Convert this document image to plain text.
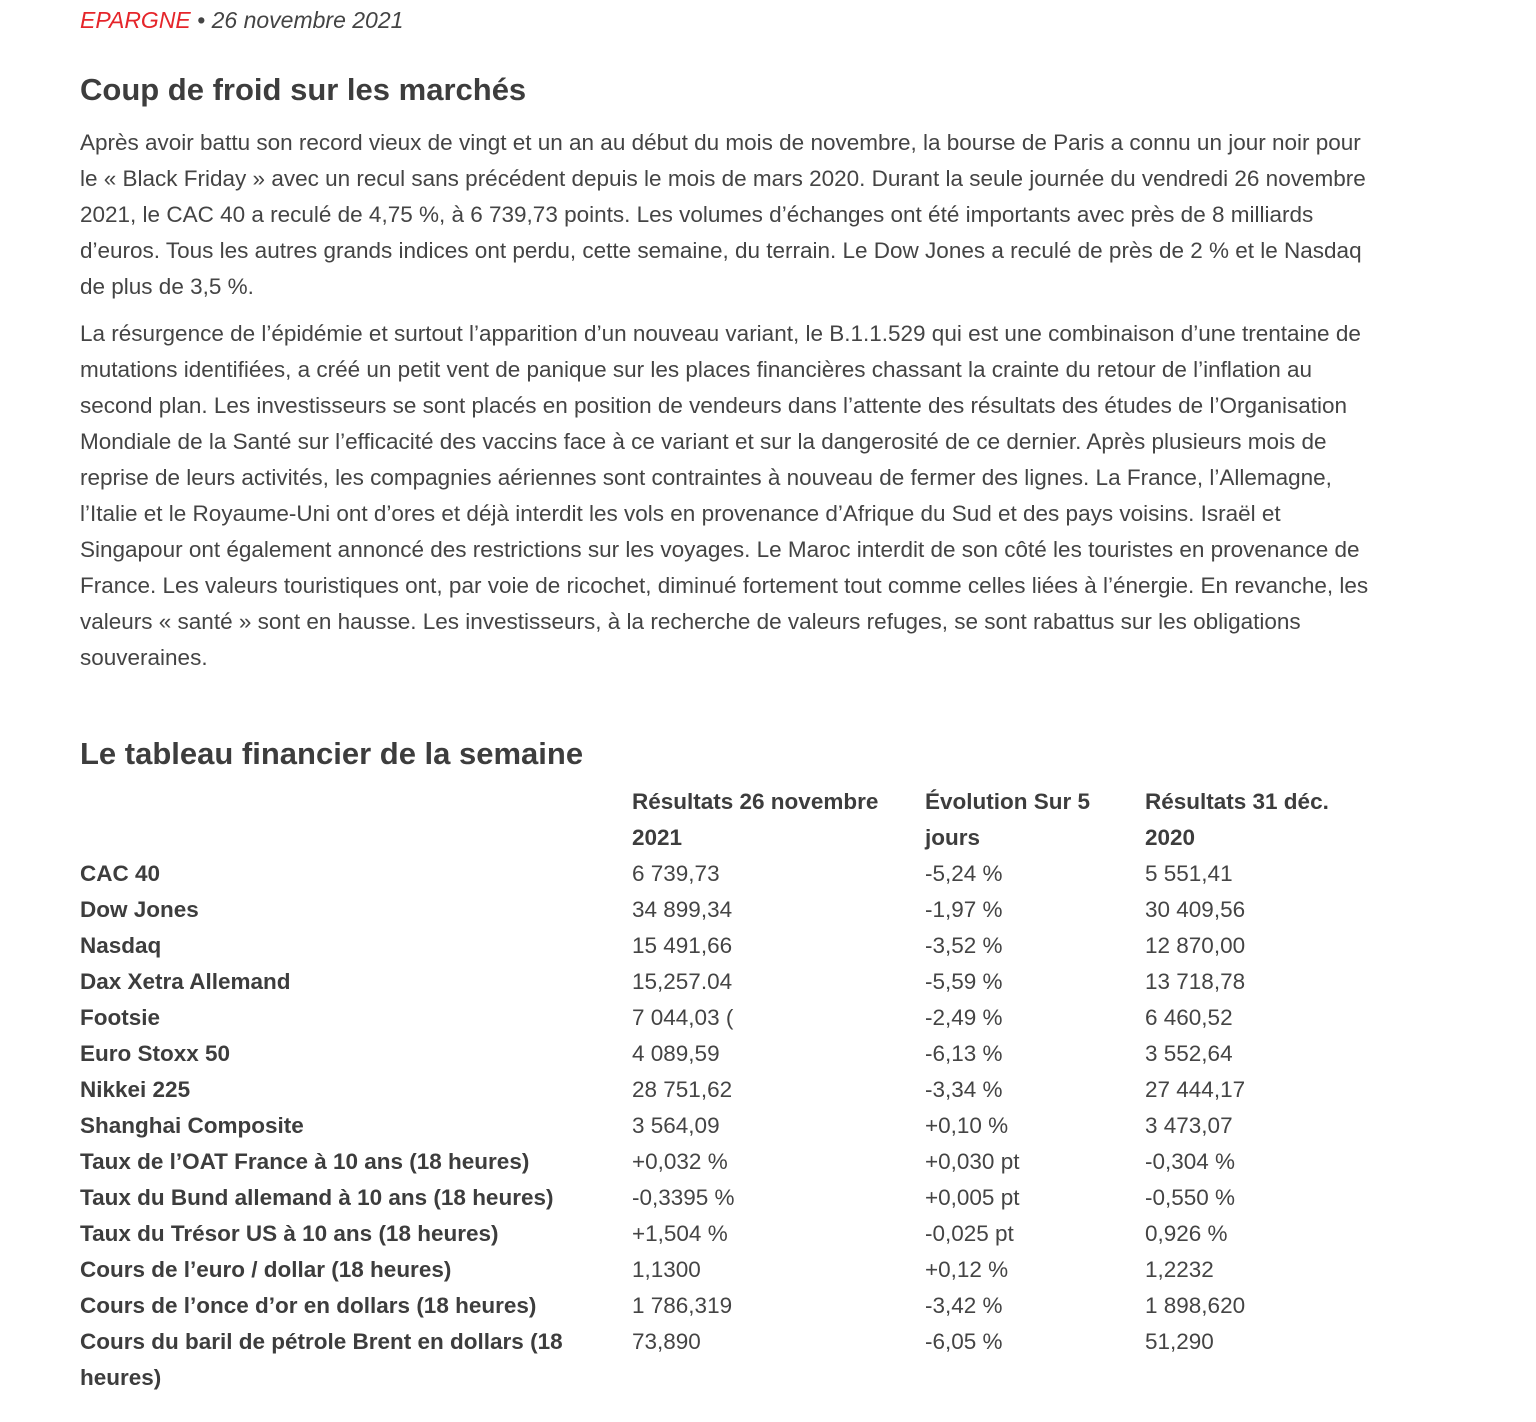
EPARGNE • 26 novembre 2021
Coup de froid sur les marchés

Après avoir battu son record vieux de vingt et un an au début du mois de novembre, la bourse de Paris a connu un jour noir pour le « Black Friday » avec un recul sans précédent depuis le mois de mars 2020. Durant la seule journée du vendredi 26 novembre 2021, le CAC 40 a reculé de 4,75 %, à 6 739,73 points. Les volumes d’échanges ont été importants avec près de 8 milliards d’euros. Tous les autres grands indices ont perdu, cette semaine, du terrain. Le Dow Jones a reculé de près de 2 % et le Nasdaq de plus de 3,5 %.

La résurgence de l’épidémie et surtout l’apparition d’un nouveau variant, le B.1.1.529 qui est une combinaison d’une trentaine de mutations identifiées, a créé un petit vent de panique sur les places financières chassant la crainte du retour de l’inflation au second plan. Les investisseurs se sont placés en position de vendeurs dans l’attente des résultats des études de l’Organisation Mondiale de la Santé sur l’efficacité des vaccins face à ce variant et sur la dangerosité de ce dernier. Après plusieurs mois de reprise de leurs activités, les compagnies aériennes sont contraintes à nouveau de fermer des lignes. La France, l’Allemagne, l’Italie et le Royaume-Uni ont d’ores et déjà interdit les vols en provenance d’Afrique du Sud et des pays voisins. Israël et Singapour ont également annoncé des restrictions sur les voyages. Le Maroc interdit de son côté les touristes en provenance de France. Les valeurs touristiques ont, par voie de ricochet, diminué fortement tout comme celles liées à l’énergie. En revanche, les valeurs « santé » sont en hausse. Les investisseurs, à la recherche de valeurs refuges, se sont rabattus sur les obligations souveraines.

Le tableau financier de la semaine
	Résultats 26 novembre 2021	Évolution Sur 5 jours	Résultats 31 déc. 2020
CAC 40	6 739,73	-5,24 %	5 551,41
Dow Jones	34 899,34	-1,97 %	30 409,56
Nasdaq	15 491,66	-3,52 %	12 870,00
Dax Xetra Allemand	15,257.04	-5,59 %	13 718,78
Footsie	7 044,03 (	-2,49 %	6 460,52
Euro Stoxx 50	4 089,59	-6,13 %	3 552,64
Nikkei 225	28 751,62	-3,34 %	27 444,17
Shanghai Composite	3 564,09	+0,10 %	3 473,07
Taux de l’OAT France à 10 ans (18 heures)	+0,032 %	+0,030 pt	-0,304 %
Taux du Bund allemand à 10 ans (18 heures)	-0,3395 %	+0,005 pt	-0,550 %
Taux du Trésor US à 10 ans (18 heures)	+1,504 %	-0,025 pt	0,926 %
Cours de l’euro / dollar (18 heures)	1,1300	+0,12 %	1,2232
Cours de l’once d’or en dollars (18 heures)	1 786,319	-3,42 %	1 898,620
Cours du baril de pétrole Brent en dollars (18 heures)	73,890	-6,05 %	51,290
